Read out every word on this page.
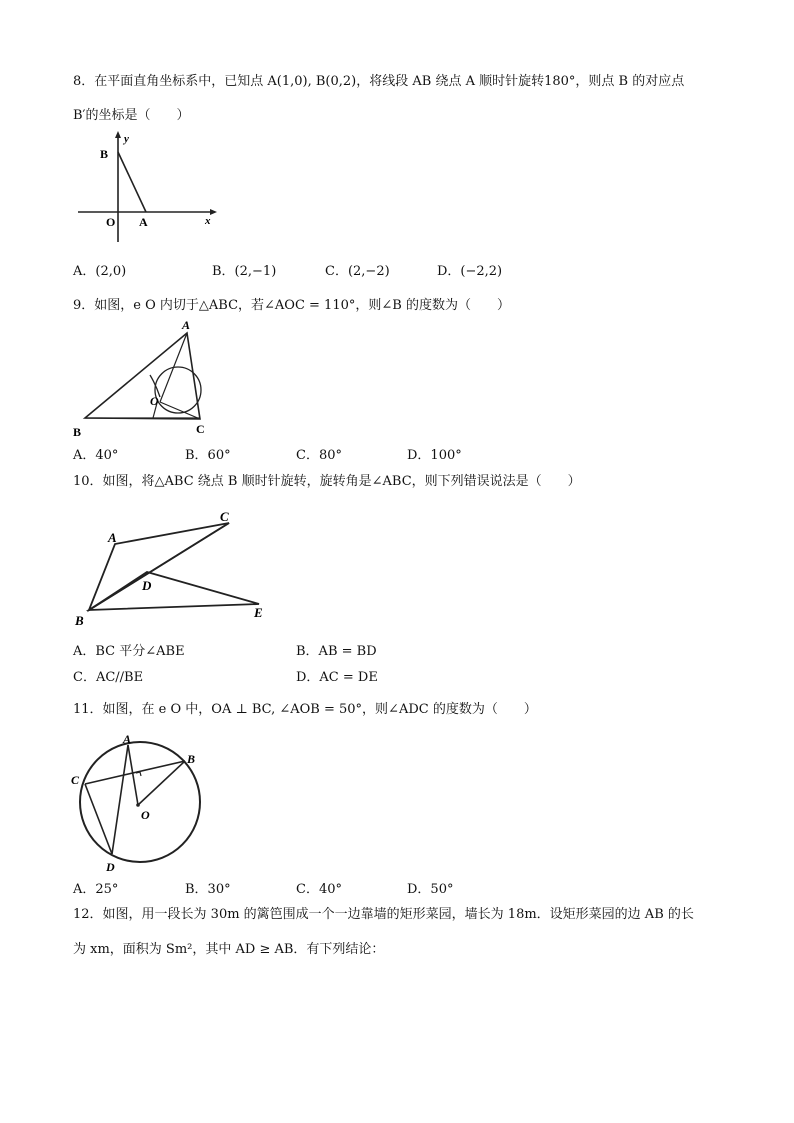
8．在平面直角坐标系中，已知点 A(1,0), B(0,2)，将线段 AB 绕点 A 顺时针旋转180°，则点 B 的对应点
B′的坐标是（　　）
y
x
B
O A
A．(2,0)	B．(2,−1)	C．(2,−2)	D．(−2,2)
9．如图，e O 内切于△ABC，若∠AOC = 110°，则∠B 的度数为（　　）
A
O
B	C
A．40°	B．60°	C．80°	D．100°
10．如图，将△ABC 绕点 B 顺时针旋转，旋转角是∠ABC，则下列错误说法是（　　）
A
C
D
B
E
A．BC 平分∠ABE	B．AB = BD
C．AC//BE	D．AC = DE
11．如图，在 e O 中，OA ⊥ BC, ∠AOB = 50°，则∠ADC 的度数为（　　）
A
B
C
O
D
A．25°	B．30°	C．40°	D．50°
12．如图，用一段长为 30m 的篱笆围成一个一边靠墙的矩形菜园，墙长为 18m．设矩形菜园的边 AB 的长
为 xm，面积为 Sm²，其中 AD ≥ AB．有下列结论：
